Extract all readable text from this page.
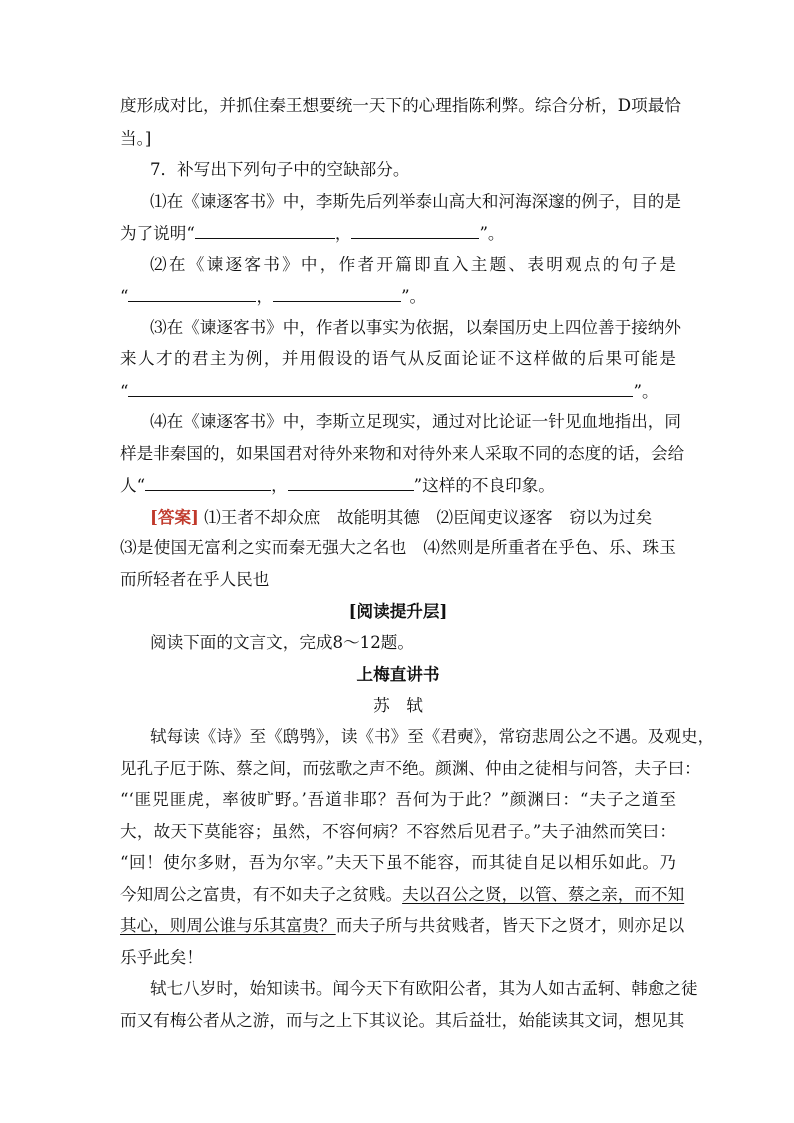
度形成对比，并抓住秦王想要统一天下的心理指陈利弊。综合分析，D项最恰
当。]
7．补写出下列句子中的空缺部分。
⑴在《谏逐客书》中，李斯先后列举泰山高大和河海深邃的例子，目的是
为了说明“	，	”。
⑵在《谏逐客书》中，作者开篇即直入主题、表明观点的句子是
“	，	”。
⑶在《谏逐客书》中，作者以事实为依据，以秦国历史上四位善于接纳外
来人才的君主为例，并用假设的语气从反面论证不这样做的后果可能是
“	”。
⑷在《谏逐客书》中，李斯立足现实，通过对比论证一针见血地指出，同
样是非秦国的，如果国君对待外来物和对待外来人采取不同的态度的话，会给
人“	，	”这样的不良印象。
[答案] ⑴王者不却众庶　故能明其德　⑵臣闻吏议逐客　窃以为过矣
⑶是使国无富利之实而秦无强大之名也　⑷然则是所重者在乎色、乐、珠玉
而所轻者在乎人民也
[阅读提升层]
阅读下面的文言文，完成8～12题。
上梅直讲书
苏　轼
轼每读《诗》至《鸱鸮》，读《书》至《君奭》，常窃悲周公之不遇。及观史，
见孔子厄于陈、蔡之间，而弦歌之声不绝。颜渊、仲由之徒相与问答，夫子曰：
“‘匪兕匪虎，率彼旷野。’吾道非耶？吾何为于此？”颜渊曰：“夫子之道至
大，故天下莫能容；虽然，不容何病？不容然后见君子。”夫子油然而笑曰：
“回！使尔多财，吾为尔宰。”夫天下虽不能容，而其徒自足以相乐如此。乃
今知周公之富贵，有不如夫子之贫贱。夫以召公之贤，以管、蔡之亲，而不知
其心，则周公谁与乐其富贵？而夫子所与共贫贱者，皆天下之贤才，则亦足以
乐乎此矣！
轼七八岁时，始知读书。闻今天下有欧阳公者，其为人如古孟轲、韩愈之徒
而又有梅公者从之游，而与之上下其议论。其后益壮，始能读其文词，想见其
